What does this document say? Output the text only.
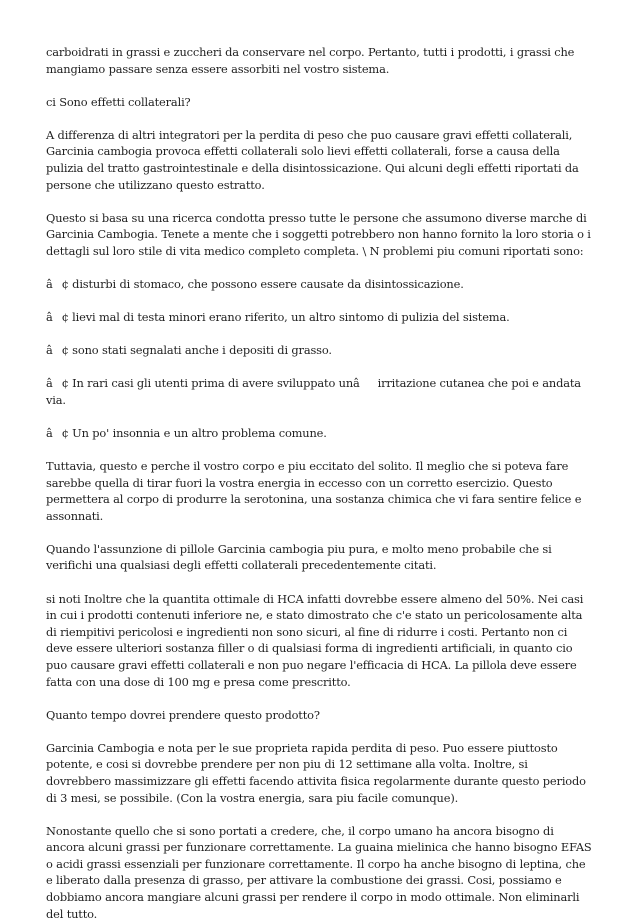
carboidrati in grassi e zuccheri da conservare nel corpo. Pertanto, tutti i prodotti, i grassi che mangiamo passare senza essere assorbiti nel vostro sistema.

ci Sono effetti collaterali?

A differenza di altri integratori per la perdita di peso che puo causare gravi effetti collaterali, Garcinia cambogia provoca effetti collaterali solo lievi effetti collaterali, forse a causa della pulizia del tratto gastrointestinale e della disintossicazione. Qui alcuni degli effetti riportati da persone che utilizzano questo estratto.

Questo si basa su una ricerca condotta presso tutte le persone che assumono diverse marche di Garcinia Cambogia. Tenete a mente che i soggetti potrebbero non hanno fornito la loro storia o i dettagli sul loro stile di vita medico completo completa. \ N problemi piu comuni riportati sono:

â¢ disturbi di stomaco, che possono essere causate da disintossicazione.

â¢ lievi mal di testa minori erano riferito, un altro sintomo di pulizia del sistema.

â¢ sono stati segnalati anche i depositi di grasso.

â¢ In rari casi gli utenti prima di avere sviluppato unâirritazione cutanea che poi e andata via.

â¢ Un po' insonnia e un altro problema comune.

Tuttavia, questo e perche il vostro corpo e piu eccitato del solito. Il meglio che si poteva fare sarebbe quella di tirar fuori la vostra energia in eccesso con un corretto esercizio. Questo permettera al corpo di produrre la serotonina, una sostanza chimica che vi fara sentire felice e assonnati.

Quando l'assunzione di pillole Garcinia cambogia piu pura, e molto meno probabile che si verifichi una qualsiasi degli effetti collaterali precedentemente citati.

si noti Inoltre che la quantita ottimale di HCA infatti dovrebbe essere almeno del 50%. Nei casi in cui i prodotti contenuti inferiore ne, e stato dimostrato che c'e stato un pericolosamente alta di riempitivi pericolosi e ingredienti non sono sicuri, al fine di ridurre i costi. Pertanto non ci deve essere ulteriori sostanza filler o di qualsiasi forma di ingredienti artificiali, in quanto cio puo causare gravi effetti collaterali e non puo negare l'efficacia di HCA. La pillola deve essere fatta con una dose di 100 mg e presa come prescritto.

Quanto tempo dovrei prendere questo prodotto?

Garcinia Cambogia e nota per le sue proprieta rapida perdita di peso. Puo essere piuttosto potente, e cosi si dovrebbe prendere per non piu di 12 settimane alla volta. Inoltre, si dovrebbero massimizzare gli effetti facendo attivita fisica regolarmente durante questo periodo di 3 mesi, se possibile. (Con la vostra energia, sara piu facile comunque).

Nonostante quello che si sono portati a credere, che, il corpo umano ha ancora bisogno di ancora alcuni grassi per funzionare correttamente. La guaina mielinica che hanno bisogno EFAS o acidi grassi essenziali per funzionare correttamente. Il corpo ha anche bisogno di leptina, che e liberato dalla presenza di grasso, per attivare la combustione dei grassi. Cosi, possiamo e dobbiamo ancora mangiare alcuni grassi per rendere il corpo in modo ottimale. Non eliminarli del tutto.
